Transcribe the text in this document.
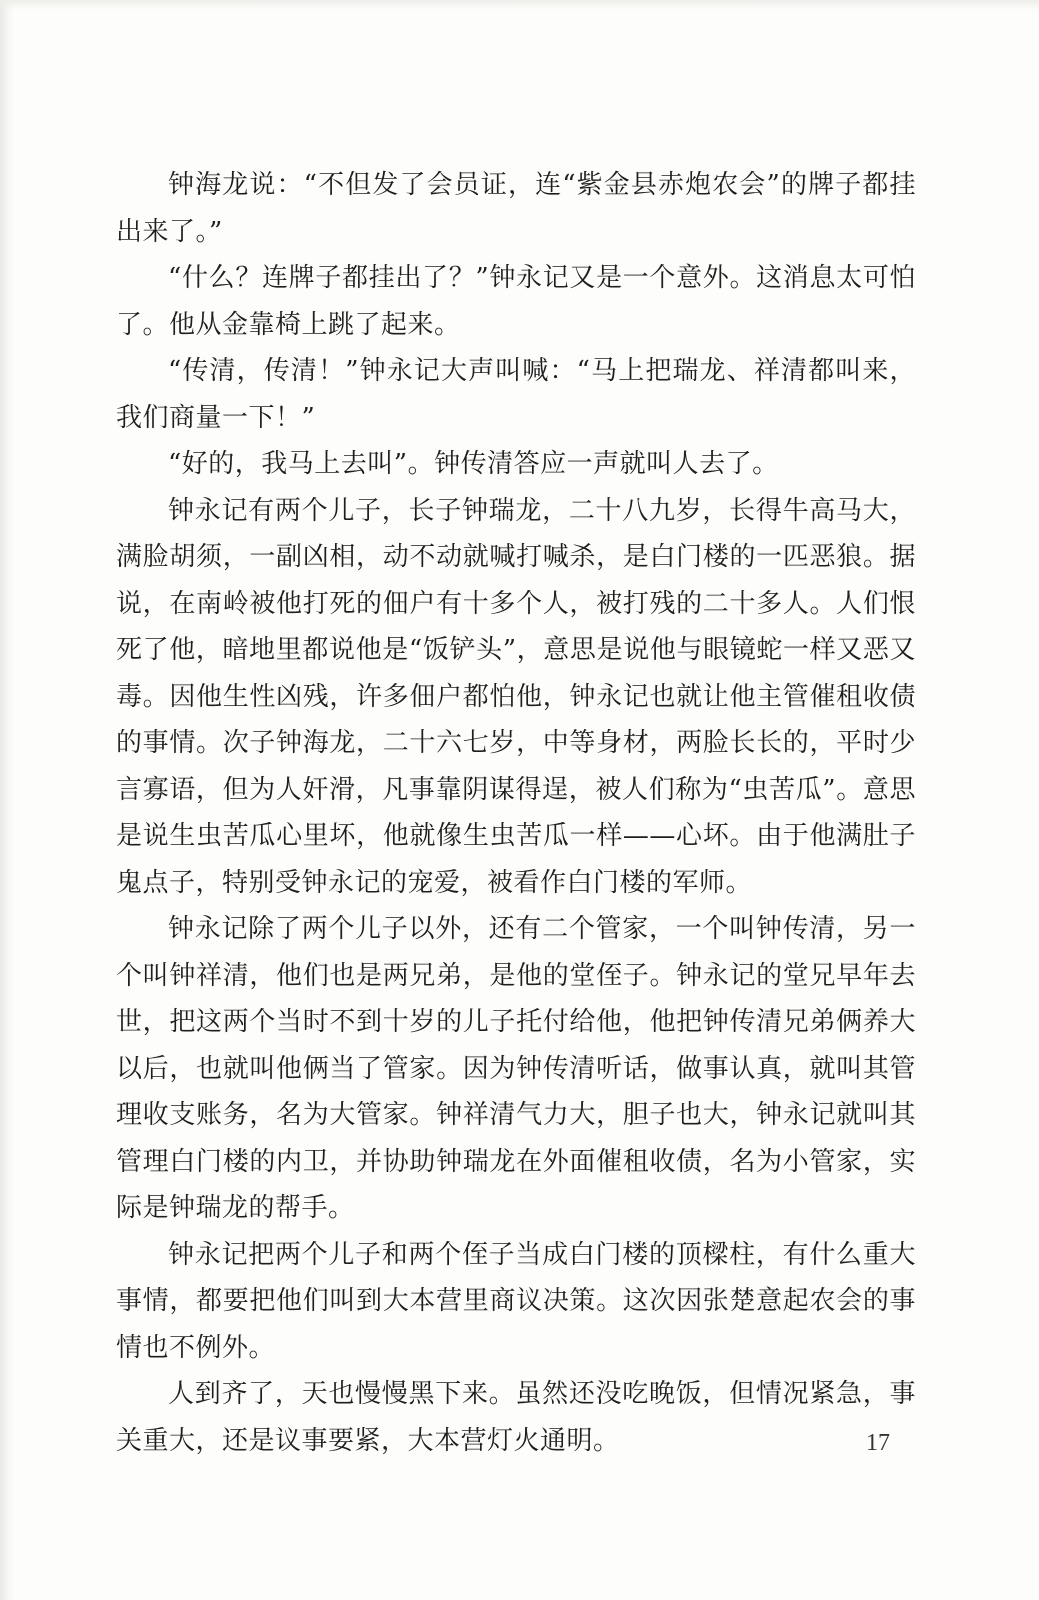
钟海龙说：“不但发了会员证，连“紫金县赤炮农会”的牌子都挂出来了。”

“什么？连牌子都挂出了？”钟永记又是一个意外。这消息太可怕了。他从金靠椅上跳了起来。

“传清，传清！”钟永记大声叫喊：“马上把瑞龙、祥清都叫来，我们商量一下！”

“好的，我马上去叫”。钟传清答应一声就叫人去了。

钟永记有两个儿子，长子钟瑞龙，二十八九岁，长得牛高马大，满脸胡须，一副凶相，动不动就喊打喊杀，是白门楼的一匹恶狼。据说，在南岭被他打死的佃户有十多个人，被打残的二十多人。人们恨死了他，暗地里都说他是“饭铲头”，意思是说他与眼镜蛇一样又恶又毒。因他生性凶残，许多佃户都怕他，钟永记也就让他主管催租收债的事情。次子钟海龙，二十六七岁，中等身材，两脸长长的，平时少言寡语，但为人奸滑，凡事靠阴谋得逞，被人们称为“虫苦瓜”。意思是说生虫苦瓜心里坏，他就像生虫苦瓜一样——心坏。由于他满肚子鬼点子，特别受钟永记的宠爱，被看作白门楼的军师。

钟永记除了两个儿子以外，还有二个管家，一个叫钟传清，另一个叫钟祥清，他们也是两兄弟，是他的堂侄子。钟永记的堂兄早年去世，把这两个当时不到十岁的儿子托付给他，他把钟传清兄弟俩养大以后，也就叫他俩当了管家。因为钟传清听话，做事认真，就叫其管理收支账务，名为大管家。钟祥清气力大，胆子也大，钟永记就叫其管理白门楼的内卫，并协助钟瑞龙在外面催租收债，名为小管家，实际是钟瑞龙的帮手。

钟永记把两个儿子和两个侄子当成白门楼的顶樑柱，有什么重大事情，都要把他们叫到大本营里商议决策。这次因张楚意起农会的事情也不例外。

人到齐了，天也慢慢黑下来。虽然还没吃晚饭，但情况紧急，事关重大，还是议事要紧，大本营灯火通明。	17
